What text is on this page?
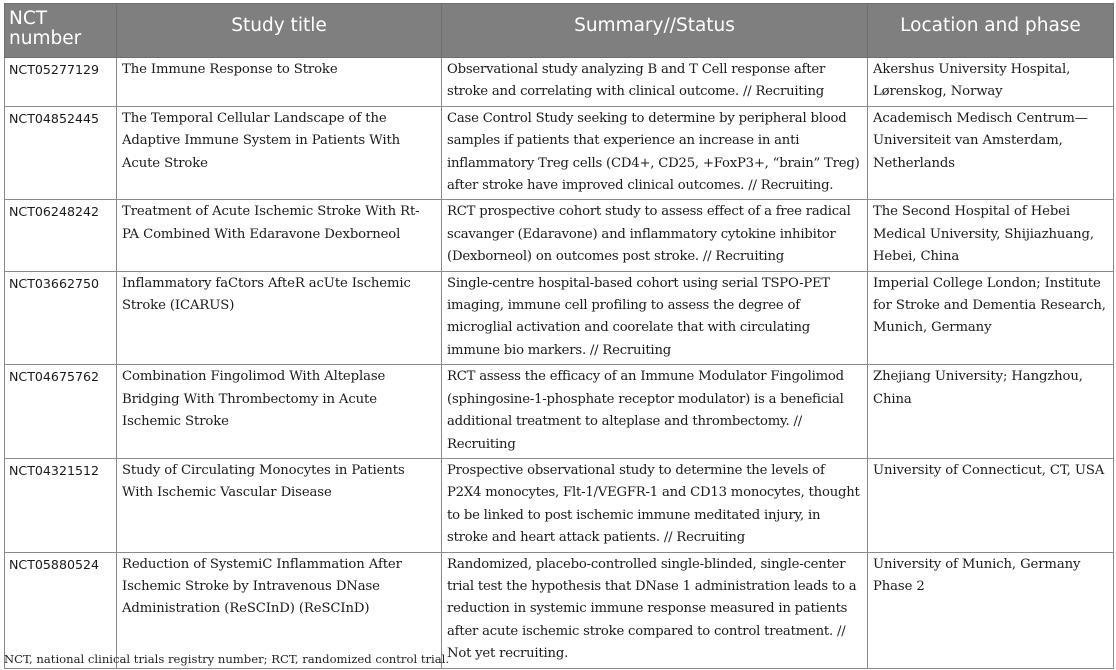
NCT number	Study title	Summary//Status	Location and phase

NCT05277129	The Immune Response to Stroke	Observational study analyzing B and T Cell response after stroke and correlating with clinical outcome. // Recruiting	Akershus University Hospital, Lørenskog, Norway
NCT04852445	The Temporal Cellular Landscape of the Adaptive Immune System in Patients With Acute Stroke	Case Control Study seeking to determine by peripheral blood samples if patients that experience an increase in anti inflammatory Treg cells (CD4+, CD25, +FoxP3+, “brain” Treg) after stroke have improved clinical outcomes. // Recruiting.	Academisch Medisch Centrum—Universiteit van Amsterdam, Netherlands
NCT06248242	Treatment of Acute Ischemic Stroke With Rt-PA Combined With Edaravone Dexborneol	RCT prospective cohort study to assess effect of a free radical scavanger (Edaravone) and inflammatory cytokine inhibitor (Dexborneol) on outcomes post stroke. // Recruiting	The Second Hospital of Hebei Medical University, Shijiazhuang, Hebei, China
NCT03662750	Inflammatory faCtors AfteR acUte Ischemic Stroke (ICARUS)	Single-centre hospital-based cohort using serial TSPO-PET imaging, immune cell profiling to assess the degree of microglial activation and coorelate that with circulating immune bio markers. // Recruiting	Imperial College London; Institute for Stroke and Dementia Research, Munich, Germany
NCT04675762	Combination Fingolimod With Alteplase Bridging With Thrombectomy in Acute Ischemic Stroke	RCT assess the efficacy of an Immune Modulator Fingolimod (sphingosine-1-phosphate receptor modulator) is a beneficial additional treatment to alteplase and thrombectomy. // Recruiting	Zhejiang University; Hangzhou, China
NCT04321512	Study of Circulating Monocytes in Patients With Ischemic Vascular Disease	Prospective observational study to determine the levels of P2X4 monocytes, Flt-1/VEGFR-1 and CD13 monocytes, thought to be linked to post ischemic immune meditated injury, in stroke and heart attack patients. // Recruiting	University of Connecticut, CT, USA
NCT05880524	Reduction of SystemiC Inflammation After Ischemic Stroke by Intravenous DNase Administration (ReSCInD) (ReSCInD)	Randomized, placebo-controlled single-blinded, single-center trial test the hypothesis that DNase 1 administration leads to a reduction in systemic immune response measured in patients after acute ischemic stroke compared to control treatment. // Not yet recruiting.	University of Munich, Germany Phase 2
NCT, national clinical trials registry number; RCT, randomized control trial.
